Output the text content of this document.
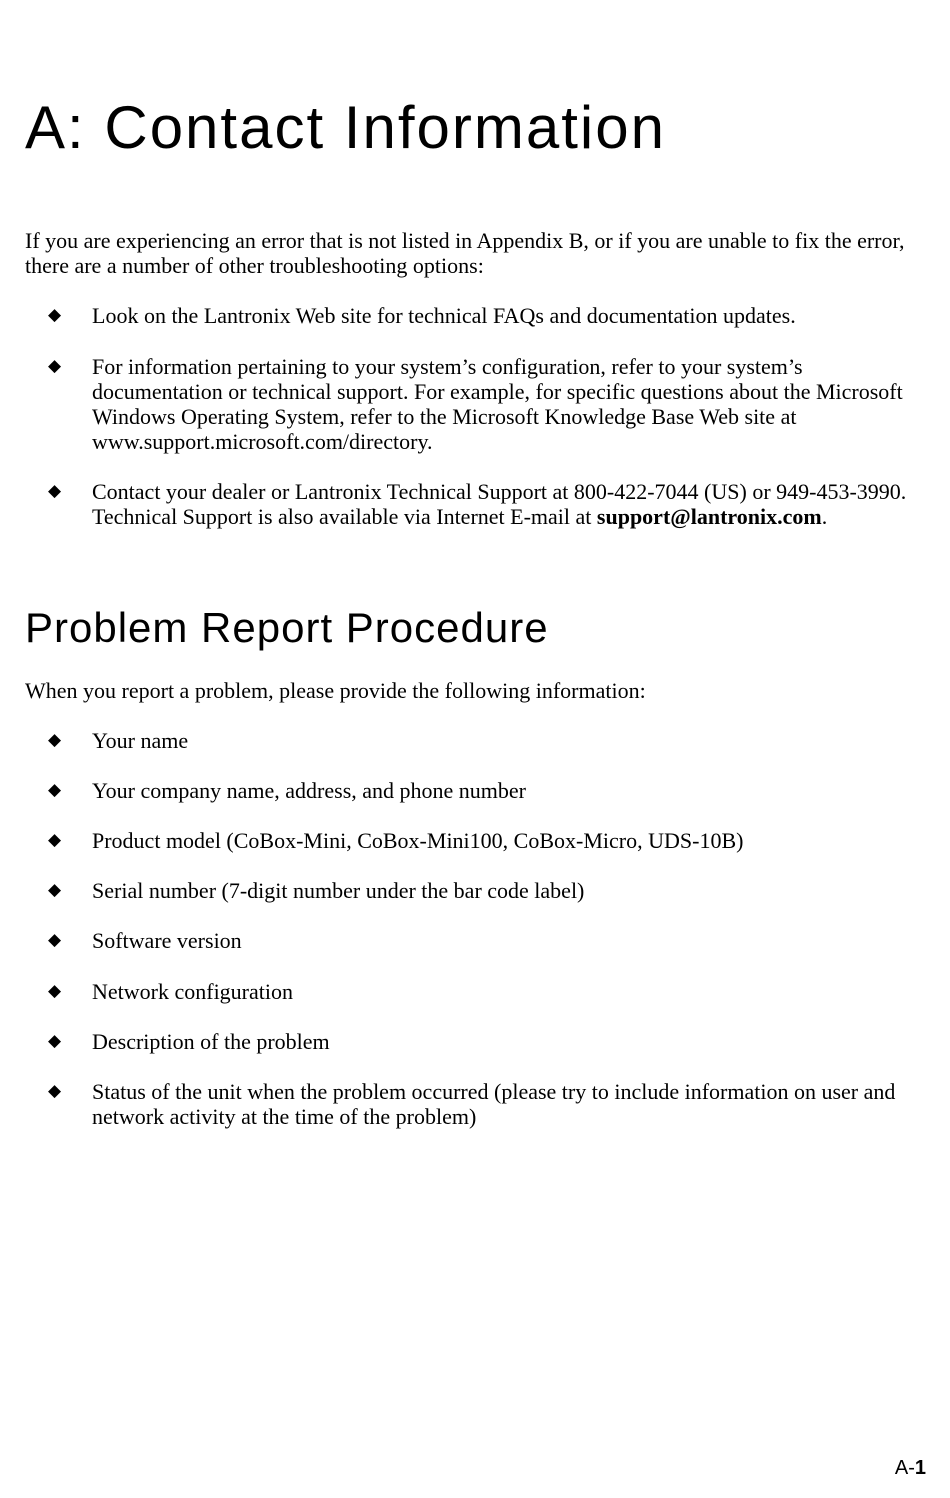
A: Contact Information

If you are experiencing an error that is not listed in Appendix B, or if you are unable to fix the error, there are a number of other troubleshooting options:

◆	Look on the Lantronix Web site for technical FAQs and documentation updates.
◆	For information pertaining to your system’s configuration, refer to your system’s documentation or technical support. For example, for specific questions about the Microsoft Windows Operating System, refer to the Microsoft Knowledge Base Web site at www.support.microsoft.com/directory.
◆	Contact your dealer or Lantronix Technical Support at 800-422-7044 (US) or 949-453-3990. Technical Support is also available via Internet E-mail at support@lantronix.com.
Problem Report Procedure

When you report a problem, please provide the following information:

◆	Your name
◆	Your company name, address, and phone number
◆	Product model (CoBox-Mini, CoBox-Mini100, CoBox-Micro, UDS-10B)
◆	Serial number (7-digit number under the bar code label)
◆	Software version
◆	Network configuration
◆	Description of the problem
◆	Status of the unit when the problem occurred (please try to include information on user and network activity at the time of the problem)
A-1
